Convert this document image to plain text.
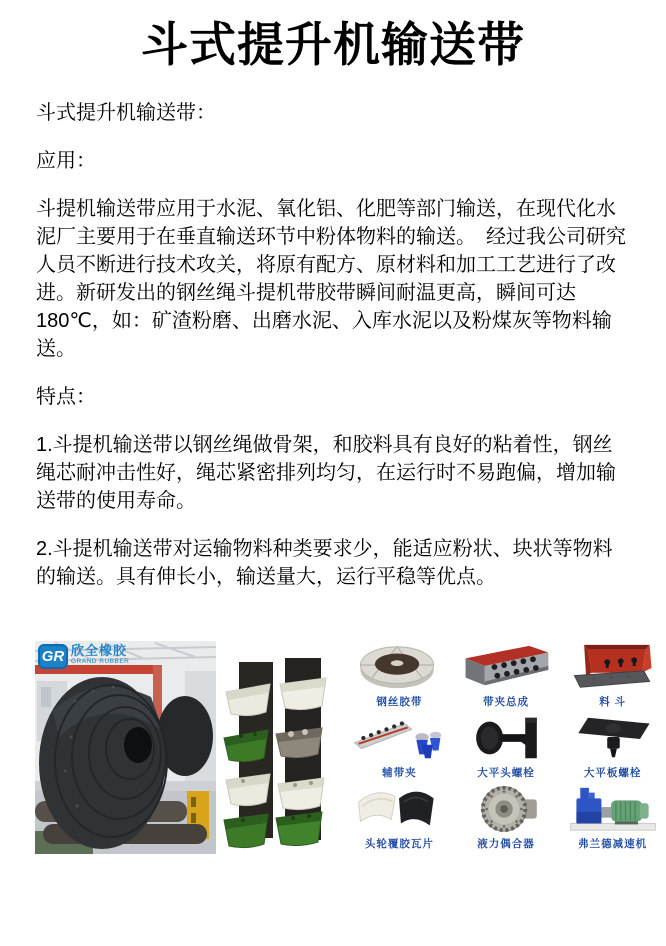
斗式提升机输送带

斗式提升机输送带：

应用：

斗提机输送带应用于水泥、氧化铝、化肥等部门输送，在现代化水泥厂主要用于在垂直输送环节中粉体物料的输送。　经过我公司研究人员不断进行技术攻关，将原有配方、原材料和加工工艺进行了改进。新研发出的钢丝绳斗提机带胶带瞬间耐温更高，瞬间可达180℃，如：矿渣粉磨、出磨水泥、入库水泥以及粉煤灰等物料输送。

特点：

1.斗提机输送带以钢丝绳做骨架，和胶料具有良好的粘着性，钢丝绳芯耐冲击性好，绳芯紧密排列均匀，在运行时不易跑偏，增加输送带的使用寿命。

2.斗提机输送带对运输物料种类要求少，能适应粉状、块状等物料的输送。具有伸长小，输送量大，运行平稳等优点。

GR 欣全橡胶
GRAND RUBBER
钢丝胶带	带夹总成	料 斗
辅带夹	大平头螺栓	大平板螺栓
头轮覆胶瓦片	液力偶合器	弗兰德减速机
